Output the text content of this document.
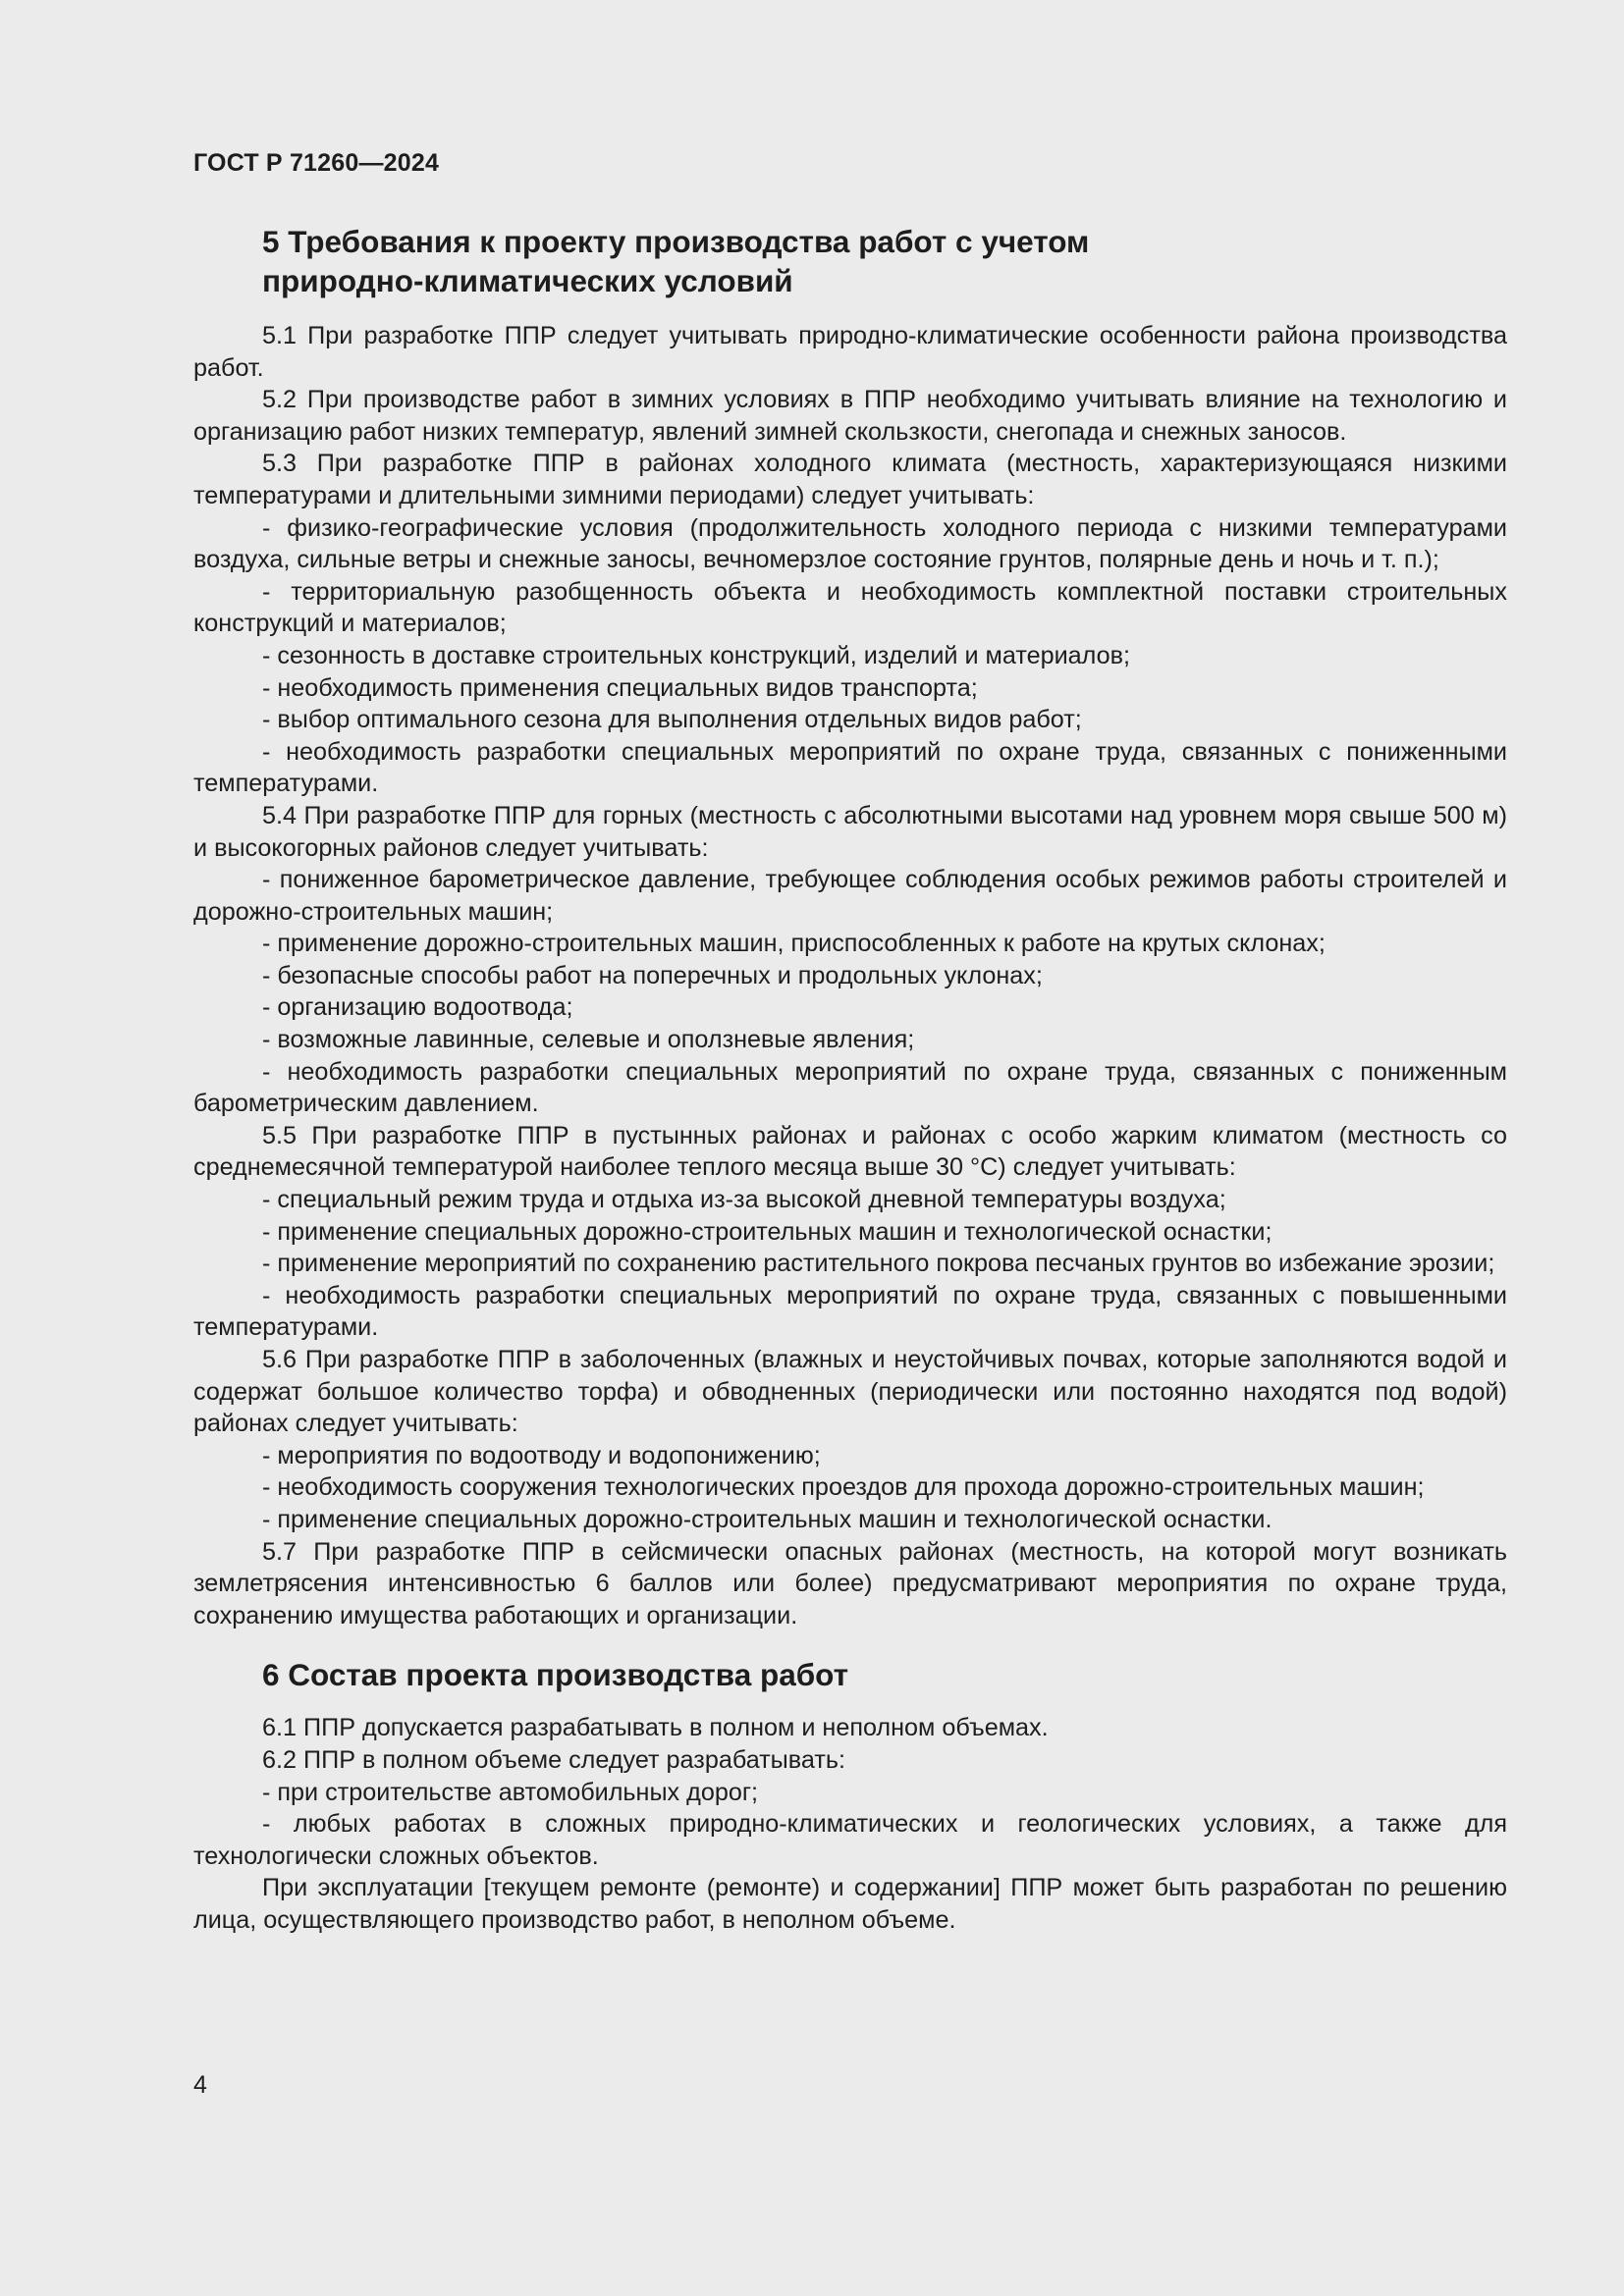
ГОСТ Р 71260—2024
5 Требования к проекту производства работ с учетом
природно-климатических условий

5.1 При разработке ППР следует учитывать природно-климатические особенности района производства работ.

5.2 При производстве работ в зимних условиях в ППР необходимо учитывать влияние на технологию и организацию работ низких температур, явлений зимней скользкости, снегопада и снежных заносов.

5.3 При разработке ППР в районах холодного климата (местность, характеризующаяся низкими температурами и длительными зимними периодами) следует учитывать:

- физико-географические условия (продолжительность холодного периода с низкими температурами воздуха, сильные ветры и снежные заносы, вечномерзлое состояние грунтов, полярные день и ночь и т. п.);

- территориальную разобщенность объекта и необходимость комплектной поставки строительных конструкций и материалов;

- сезонность в доставке строительных конструкций, изделий и материалов;

- необходимость применения специальных видов транспорта;

- выбор оптимального сезона для выполнения отдельных видов работ;

- необходимость разработки специальных мероприятий по охране труда, связанных с пониженными температурами.

5.4 При разработке ППР для горных (местность с абсолютными высотами над уровнем моря свыше 500 м) и высокогорных районов следует учитывать:

- пониженное барометрическое давление, требующее соблюдения особых режимов работы строителей и дорожно-строительных машин;

- применение дорожно-строительных машин, приспособленных к работе на крутых склонах;

- безопасные способы работ на поперечных и продольных уклонах;

- организацию водоотвода;

- возможные лавинные, селевые и оползневые явления;

- необходимость разработки специальных мероприятий по охране труда, связанных с пониженным барометрическим давлением.

5.5 При разработке ППР в пустынных районах и районах с особо жарким климатом (местность со среднемесячной температурой наиболее теплого месяца выше 30 °C) следует учитывать:

- специальный режим труда и отдыха из-за высокой дневной температуры воздуха;

- применение специальных дорожно-строительных машин и технологической оснастки;

- применение мероприятий по сохранению растительного покрова песчаных грунтов во избежание эрозии;

- необходимость разработки специальных мероприятий по охране труда, связанных с повышенными температурами.

5.6 При разработке ППР в заболоченных (влажных и неустойчивых почвах, которые заполняются водой и содержат большое количество торфа) и обводненных (периодически или постоянно находятся под водой) районах следует учитывать:

- мероприятия по водоотводу и водопонижению;

- необходимость сооружения технологических проездов для прохода дорожно-строительных машин;

- применение специальных дорожно-строительных машин и технологической оснастки.

5.7 При разработке ППР в сейсмически опасных районах (местность, на которой могут возникать землетрясения интенсивностью 6 баллов или более) предусматривают мероприятия по охране труда, сохранению имущества работающих и организации.

6 Состав проекта производства работ

6.1 ППР допускается разрабатывать в полном и неполном объемах.

6.2 ППР в полном объеме следует разрабатывать:

- при строительстве автомобильных дорог;

- любых работах в сложных природно-климатических и геологических условиях, а также для технологически сложных объектов.

При эксплуатации [текущем ремонте (ремонте) и содержании] ППР может быть разработан по решению лица, осуществляющего производство работ, в неполном объеме.

4
